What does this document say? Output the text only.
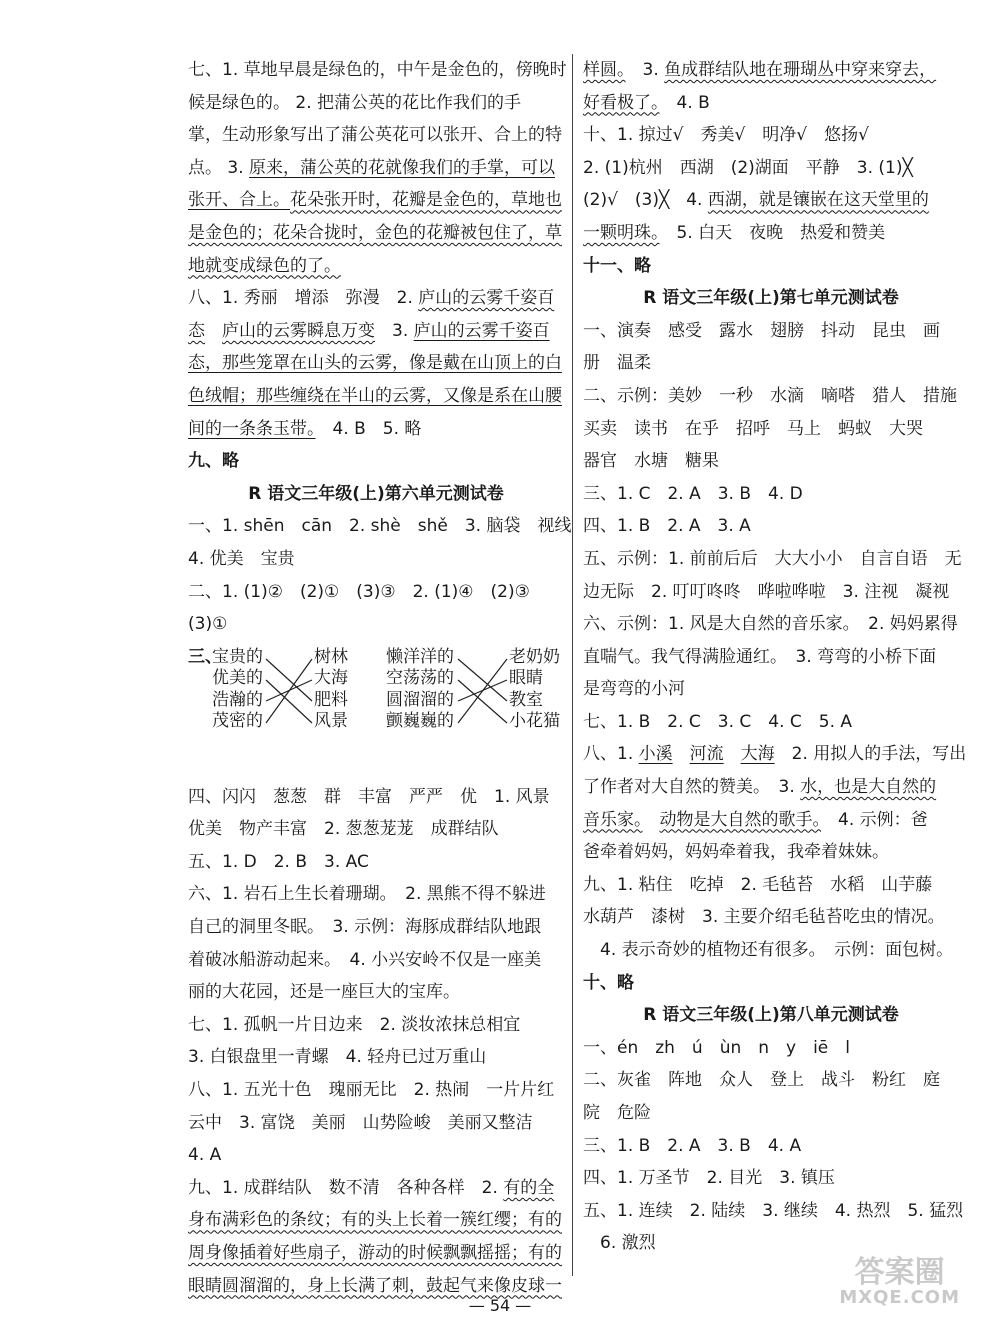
七、1. 草地早晨是绿色的，中午是金色的，傍晚时
候是绿色的。 2. 把蒲公英的花比作我们的手
掌，生动形象写出了蒲公英花可以张开、合上的特
点。 3. 原来，蒲公英的花就像我们的手掌，可以
张开、合上。花朵张开时，花瓣是金色的，草地也
是金色的；花朵合拢时，金色的花瓣被包住了，草
地就变成绿色的了。
八、1. 秀丽　增添　弥漫　2. 庐山的云雾千姿百
态　 庐山的云雾瞬息万变　3. 庐山的云雾千姿百
态，那些笼罩在山头的云雾，像是戴在山顶上的白
色绒帽；那些缠绕在半山的云雾，又像是系在山腰
间的一条条玉带。　4. B　5. 略
九、略
R 语文三年级(上)第六单元测试卷
一、1. shēn　cān　2. shè　shě　3. 脑袋　视线
4. 优美　宝贵
二、1. (1)②　(2)①　(3)③　2. (1)④　(2)③
(3)①
三、
宝贵的
优美的
浩瀚的
茂密的
树林
大海
肥料
风景
懒洋洋的
空荡荡的
圆溜溜的
颤巍巍的
老奶奶
眼睛
教室
小花猫
四、闪闪　葱葱　群　丰富　严严　优　1. 风景
优美　物产丰富　2. 葱葱茏茏　成群结队
五、1. D　2. B　3. AC
六、1. 岩石上生长着珊瑚。　2. 黑熊不得不躲进
自己的洞里冬眠。　3. 示例：海豚成群结队地跟
着破冰船游动起来。　4. 小兴安岭不仅是一座美
丽的大花园，还是一座巨大的宝库。
七、1. 孤帆一片日边来　2. 淡妆浓抹总相宜
3. 白银盘里一青螺　4. 轻舟已过万重山
八、1. 五光十色　瑰丽无比　2. 热闹　一片片红
云中　3. 富饶　美丽　山势险峻　美丽又整洁
4. A
九、1. 成群结队　数不清　各种各样　2. 有的全
身布满彩色的条纹；有的头上长着一簇红缨；有的
周身像插着好些扇子，游动的时候飘飘摇摇；有的
眼睛圆溜溜的，身上长满了刺，鼓起气来像皮球一
样圆。　3. 鱼成群结队地在珊瑚丛中穿来穿去，
好看极了。　4. B
十、1. 掠过√　秀美√　明净√　悠扬√
2. (1)杭州　西湖　(2)湖面　平静　3. (1)╳
(2)√　(3)╳　4. 西湖，就是镶嵌在这天堂里的
一颗明珠。　5. 白天　夜晚　热爱和赞美
十一、略
R 语文三年级(上)第七单元测试卷
一、演奏　感受　露水　翅膀　抖动　昆虫　画
册　温柔
二、示例：美妙　一秒　水滴　嘀嗒　猎人　措施
买卖　读书　在乎　招呼　马上　蚂蚁　大哭
器官　水塘　糖果
三、1. C　2. A　3. B　4. D
四、1. B　2. A　3. A
五、示例：1. 前前后后　大大小小　自言自语　无
边无际　2. 叮叮咚咚　哗啦哗啦　3. 注视　凝视
六、示例：1. 风是大自然的音乐家。　2. 妈妈累得
直喘气。我气得满脸通红。　3. 弯弯的小桥下面
是弯弯的小河
七、1. B　2. C　3. C　4. C　5. A
八、1. 小溪　 河流　 大海　2. 用拟人的手法，写出
了作者对大自然的赞美。　3. 水，也是大自然的
音乐家。　 动物是大自然的歌手。　4. 示例：爸
爸牵着妈妈，妈妈牵着我，我牵着妹妹。
九、1. 粘住　吃掉　2. 毛毡苔　水稻　山芋藤
水葫芦　漆树　3. 主要介绍毛毡苔吃虫的情况。
4. 表示奇妙的植物还有很多。　示例：面包树。
十、略
R 语文三年级(上)第八单元测试卷
一、én　zh　ú　ùn　n　y　iē　l
二、灰雀　阵地　众人　登上　战斗　粉红　庭
院　危险
三、1. B　2. A　3. B　4. A
四、1. 万圣节　2. 目光　3. 镇压
五、1. 连续　2. 陆续　3. 继续　4. 热烈　5. 猛烈
6. 激烈
— 54 —
答案圈
MXQE.COM
